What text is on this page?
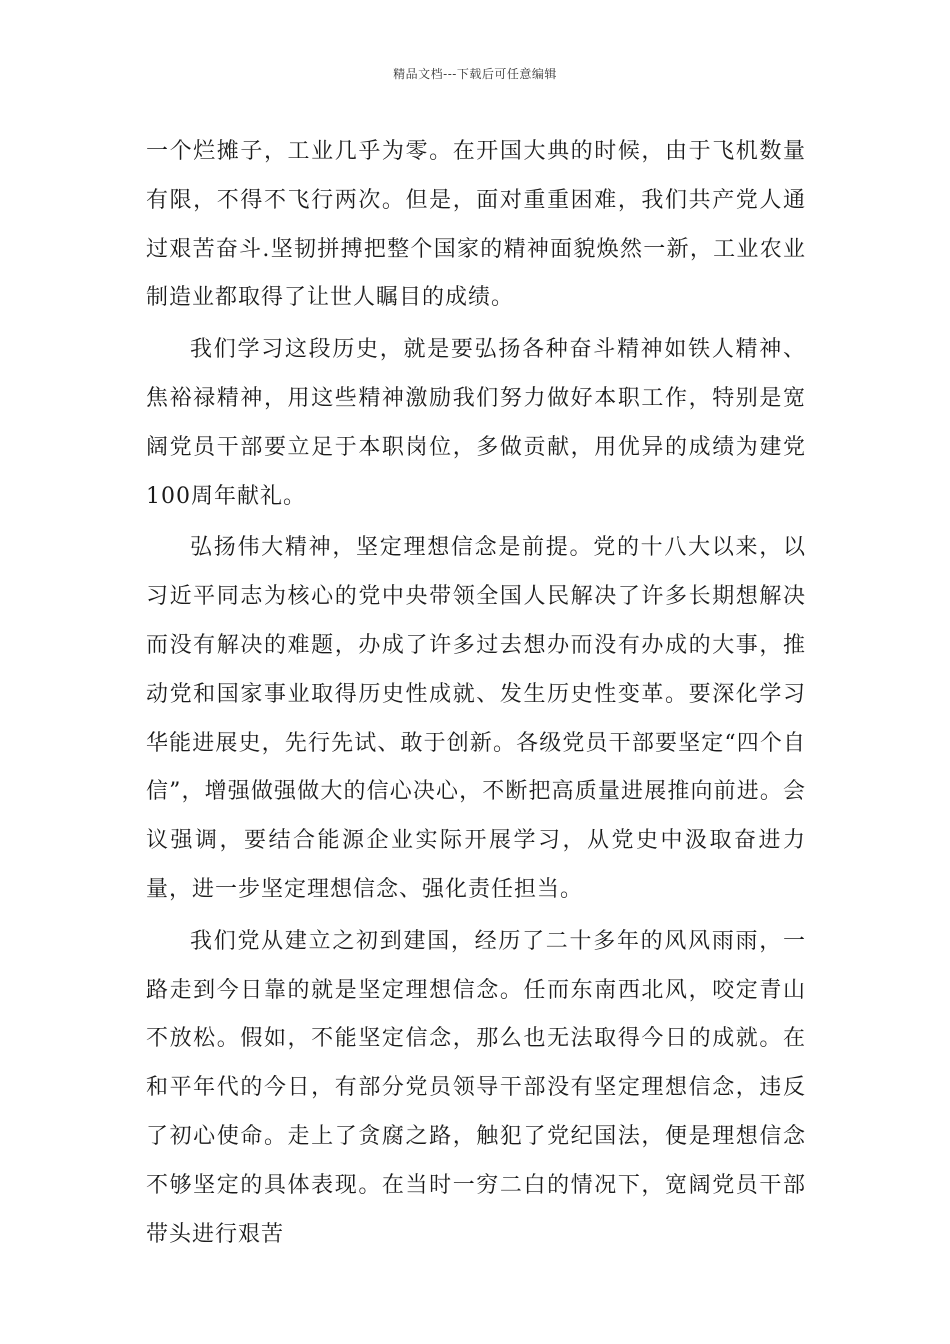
精品文档---下载后可任意编辑

一个烂摊子，工业几乎为零。在开国大典的时候，由于飞机数量有限，不得不飞行两次。但是，面对重重困难，我们共产党人通过艰苦奋斗.坚韧拼搏把整个国家的精神面貌焕然一新，工业农业制造业都取得了让世人瞩目的成绩。

我们学习这段历史，就是要弘扬各种奋斗精神如铁人精神、焦裕禄精神，用这些精神激励我们努力做好本职工作，特别是宽阔党员干部要立足于本职岗位，多做贡献，用优异的成绩为建党 100周年献礼。

弘扬伟大精神，坚定理想信念是前提。党的十八大以来，以习近平同志为核心的党中央带领全国人民解决了许多长期想解决而没有解决的难题，办成了许多过去想办而没有办成的大事，推动党和国家事业取得历史性成就、发生历史性变革。要深化学习华能进展史，先行先试、敢于创新。各级党员干部要坚定“四个自信”，增强做强做大的信心决心，不断把高质量进展推向前进。会议强调，要结合能源企业实际开展学习，从党史中汲取奋进力量，进一步坚定理想信念、强化责任担当。

我们党从建立之初到建国，经历了二十多年的风风雨雨，一路走到今日靠的就是坚定理想信念。任而东南西北风，咬定青山不放松。假如，不能坚定信念，那么也无法取得今日的成就。在和平年代的今日，有部分党员领导干部没有坚定理想信念，违反了初心使命。走上了贪腐之路，触犯了党纪国法，便是理想信念不够坚定的具体表现。在当时一穷二白的情况下，宽阔党员干部带头进行艰苦
